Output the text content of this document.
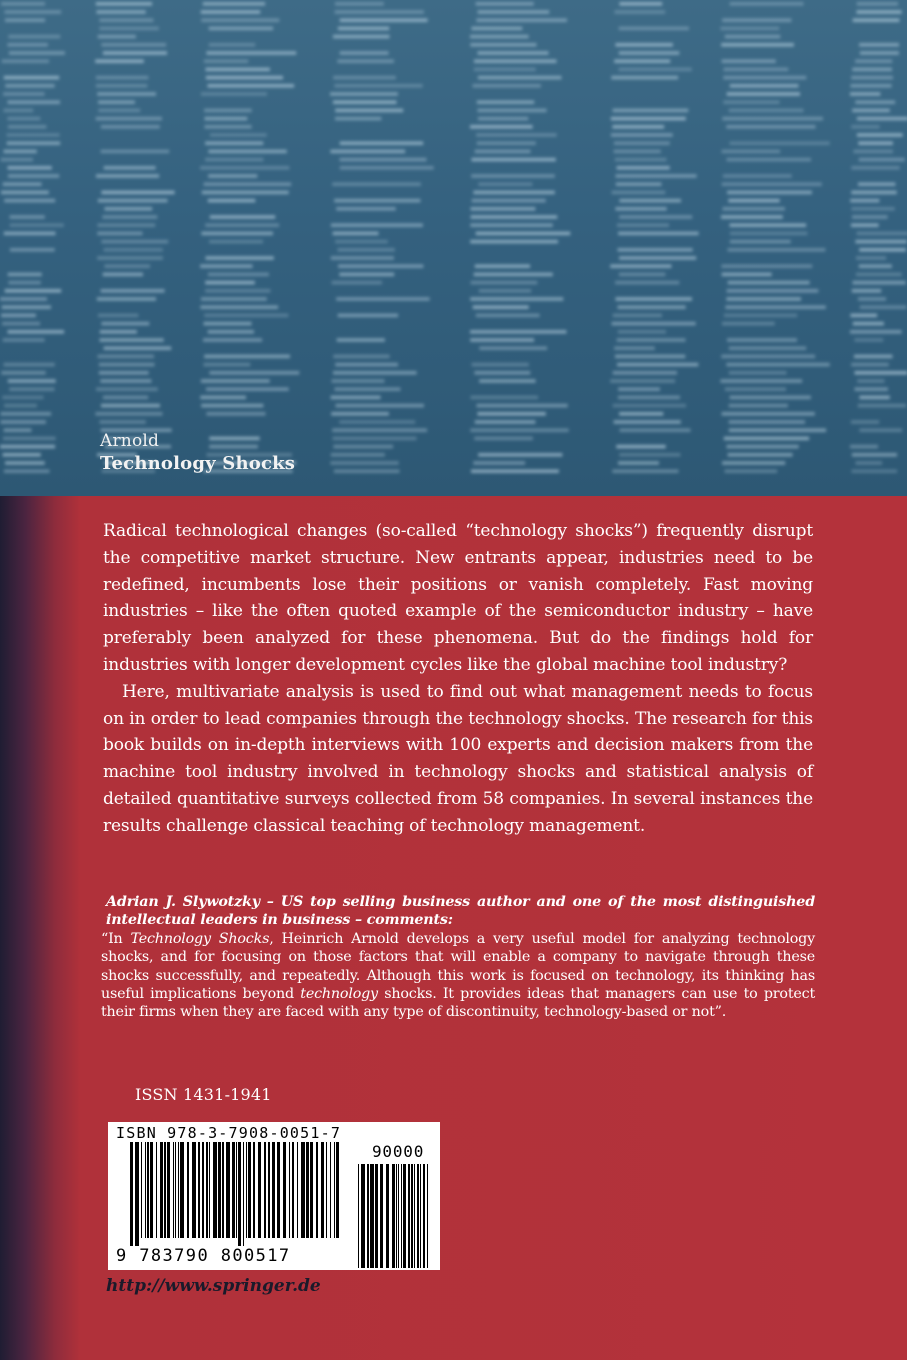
Arnold
Technology Shocks

Radical technological changes (so-called “technology shocks”) frequently disrupt the competitive market structure. New entrants appear, industries need to be redefined, incumbents lose their positions or vanish completely. Fast moving industries – like the often quoted example of the semiconductor industry – have preferably been analyzed for these phenomena. But do the findings hold for industries with longer development cycles like the global machine tool industry?

Here, multivariate analysis is used to find out what management needs to focus on in order to lead companies through the technology shocks. The research for this book builds on in-depth interviews with 100 experts and decision makers from the machine tool industry involved in technology shocks and statistical analysis of detailed quantitative surveys collected from 58 companies. In several instances the results challenge classical teaching of technology management.

Adrian J. Slywotzky – US top selling business author and one of the most distinguished intellectual leaders in business – comments:

“In Technology Shocks, Heinrich Arnold develops a very useful model for analyzing technology shocks, and for focusing on those factors that will enable a company to navigate through these shocks successfully, and repeatedly. Although this work is focused on technology, its thinking has useful implications beyond technology shocks. It provides ideas that managers can use to protect their firms when they are faced with any type of discontinuity, technology-based or not”.

ISSN 1431-1941
ISBN 978-3-7908-0051-7
90000
9 783790 800517
http://www.springer.de
